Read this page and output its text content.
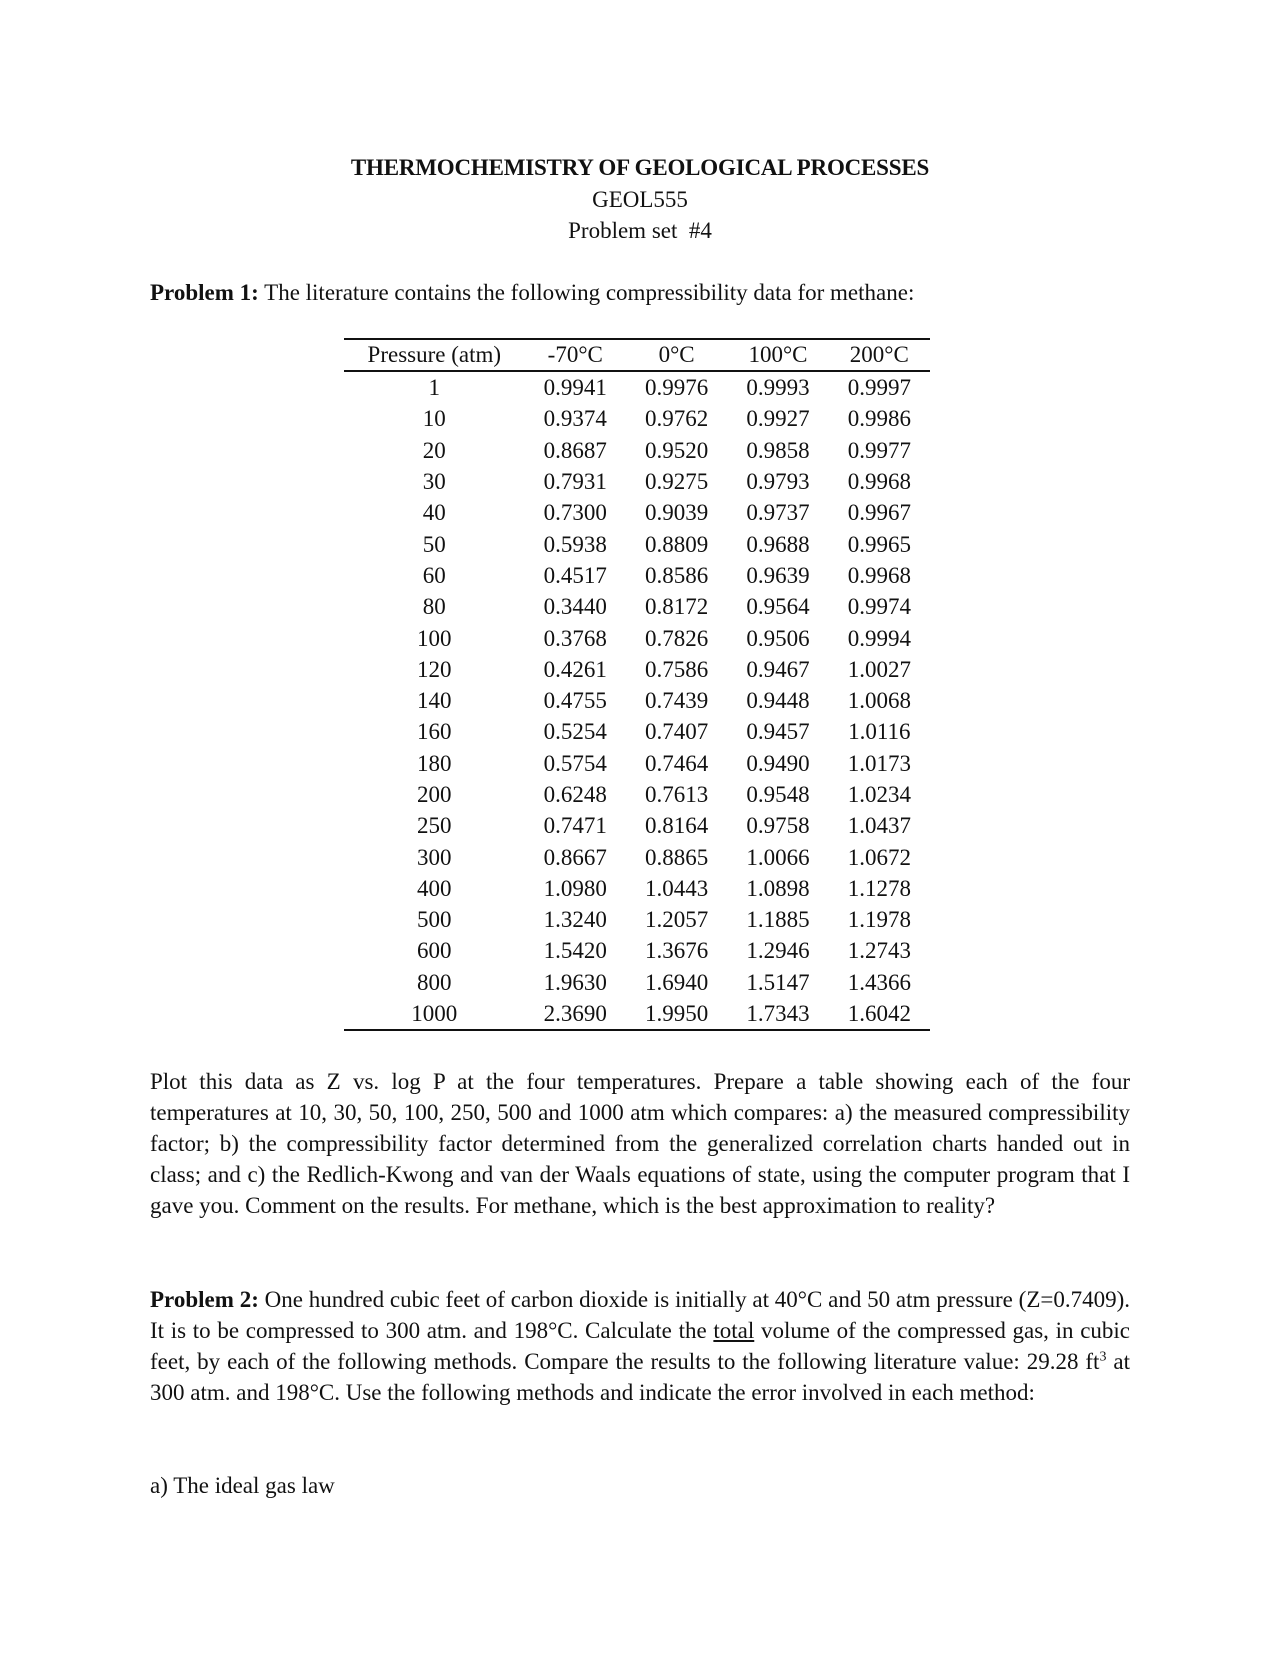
THERMOCHEMISTRY OF GEOLOGICAL PROCESSES
GEOL555
Problem set  #4
Problem 1: The literature contains the following compressibility data for methane:
Pressure (atm)	-70°C	0°C	100°C	200°C
1	0.9941	0.9976	0.9993	0.9997
10	0.9374	0.9762	0.9927	0.9986
20	0.8687	0.9520	0.9858	0.9977
30	0.7931	0.9275	0.9793	0.9968
40	0.7300	0.9039	0.9737	0.9967
50	0.5938	0.8809	0.9688	0.9965
60	0.4517	0.8586	0.9639	0.9968
80	0.3440	0.8172	0.9564	0.9974
100	0.3768	0.7826	0.9506	0.9994
120	0.4261	0.7586	0.9467	1.0027
140	0.4755	0.7439	0.9448	1.0068
160	0.5254	0.7407	0.9457	1.0116
180	0.5754	0.7464	0.9490	1.0173
200	0.6248	0.7613	0.9548	1.0234
250	0.7471	0.8164	0.9758	1.0437
300	0.8667	0.8865	1.0066	1.0672
400	1.0980	1.0443	1.0898	1.1278
500	1.3240	1.2057	1.1885	1.1978
600	1.5420	1.3676	1.2946	1.2743
800	1.9630	1.6940	1.5147	1.4366
1000	2.3690	1.9950	1.7343	1.6042
Plot this data as Z vs. log P at the four temperatures. Prepare a table showing each of the four temperatures at 10, 30, 50, 100, 250, 500 and 1000 atm which compares: a) the measured compressibility factor; b) the compressibility factor determined from the generalized correlation charts handed out in class; and c) the Redlich-Kwong and van der Waals equations of state, using the computer program that I gave you. Comment on the results. For methane, which is the best approximation to reality?
Problem 2: One hundred cubic feet of carbon dioxide is initially at 40°C and 50 atm pressure (Z=0.7409). It is to be compressed to 300 atm. and 198°C. Calculate the total volume of the compressed gas, in cubic feet, by each of the following methods. Compare the results to the following literature value: 29.28 $ft^3$ at 300 atm. and 198°C. Use the following methods and indicate the error involved in each method:
a) The ideal gas law
